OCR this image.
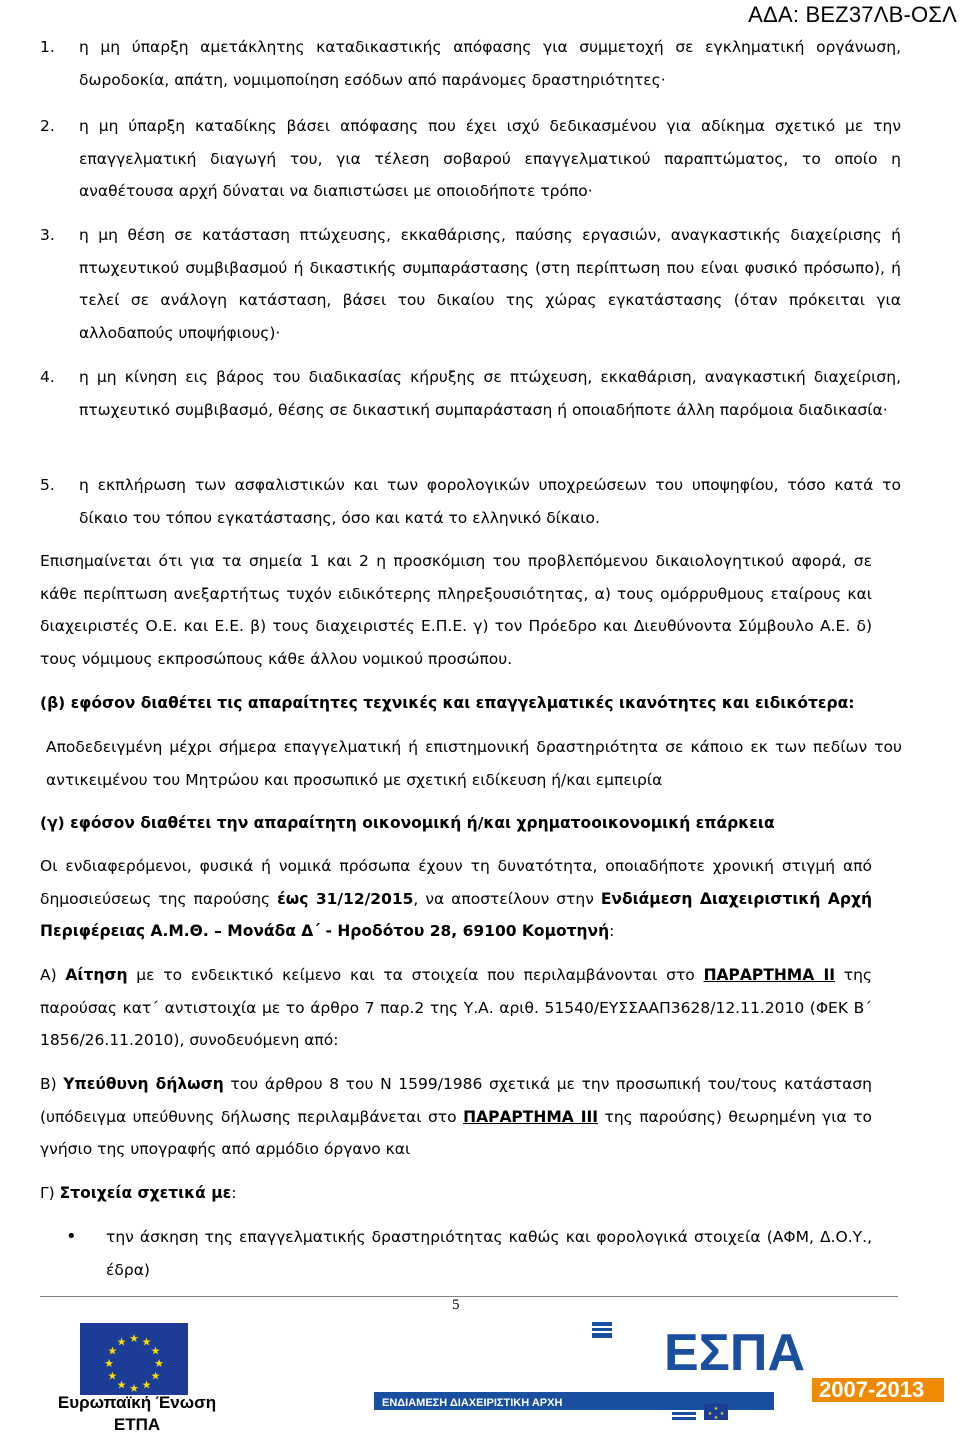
ΑΔΑ: ΒΕΖ37ΛΒ-ΟΣΛ
1. η μη ύπαρξη αμετάκλητης καταδικαστικής απόφασης για συμμετοχή σε εγκληματική οργάνωση, δωροδοκία, απάτη, νομιμοποίηση εσόδων από παράνομες δραστηριότητες·

2. η μη ύπαρξη καταδίκης βάσει απόφασης που έχει ισχύ δεδικασμένου για αδίκημα σχετικό με την επαγγελματική διαγωγή του, για τέλεση σοβαρού επαγγελματικού παραπτώματος, το οποίο η αναθέτουσα αρχή δύναται να διαπιστώσει με οποιοδήποτε τρόπο·

3. η μη θέση σε κατάσταση πτώχευσης, εκκαθάρισης, παύσης εργασιών, αναγκαστικής διαχείρισης ή πτωχευτικού συμβιβασμού ή δικαστικής συμπαράστασης (στη περίπτωση που είναι φυσικό πρόσωπο), ή τελεί σε ανάλογη κατάσταση, βάσει του δικαίου της χώρας εγκατάστασης (όταν πρόκειται για αλλοδαπούς υποψήφιους)·

4. η μη κίνηση εις βάρος του διαδικασίας κήρυξης σε πτώχευση, εκκαθάριση, αναγκαστική διαχείριση, πτωχευτικό συμβιβασμό, θέσης σε δικαστική συμπαράσταση ή οποιαδήποτε άλλη παρόμοια διαδικασία·

5. η εκπλήρωση των ασφαλιστικών και των φορολογικών υποχρεώσεων του υποψηφίου, τόσο κατά το δίκαιο του τόπου εγκατάστασης, όσο και κατά το ελληνικό δίκαιο.

Επισημαίνεται ότι για τα σημεία 1 και 2 η προσκόμιση του προβλεπόμενου δικαιολογητικού αφορά, σε κάθε περίπτωση ανεξαρτήτως τυχόν ειδικότερης πληρεξουσιότητας, α) τους ομόρρυθμους εταίρους και διαχειριστές Ο.Ε. και Ε.Ε. β) τους διαχειριστές Ε.Π.Ε. γ) τον Πρόεδρο και Διευθύνοντα Σύμβουλο Α.Ε. δ) τους νόμιμους εκπροσώπους κάθε άλλου νομικού προσώπου.

(β) εφόσον διαθέτει τις απαραίτητες τεχνικές και επαγγελματικές ικανότητες και ειδικότερα:

Αποδεδειγμένη μέχρι σήμερα επαγγελματική ή επιστημονική δραστηριότητα σε κάποιο εκ των πεδίων του αντικειμένου του Μητρώου και προσωπικό με σχετική ειδίκευση ή/και εμπειρία

(γ) εφόσον διαθέτει την απαραίτητη οικονομική ή/και χρηματοοικονομική επάρκεια

Οι ενδιαφερόμενοι, φυσικά ή νομικά πρόσωπα έχουν τη δυνατότητα, οποιαδήποτε χρονική στιγμή από δημοσιεύσεως της παρούσης έως 31/12/2015, να αποστείλουν στην Ενδιάμεση Διαχειριστική Αρχή Περιφέρειας Α.Μ.Θ. – Μονάδα Δ΄ - Ηροδότου 28, 69100 Κομοτηνή:

Α) Αίτηση με το ενδεικτικό κείμενο και τα στοιχεία που περιλαμβάνονται στο ΠΑΡΑΡΤΗΜΑ ΙΙ της παρούσας κατ΄ αντιστοιχία με το άρθρο 7 παρ.2 της Υ.Α. αριθ. 51540/ΕΥΣΣΑΑΠ3628/12.11.2010 (ΦΕΚ Β΄ 1856/26.11.2010), συνοδευόμενη από:

Β) Υπεύθυνη δήλωση του άρθρου 8 του Ν 1599/1986 σχετικά με την προσωπική του/τους κατάσταση (υπόδειγμα υπεύθυνης δήλωσης περιλαμβάνεται στο ΠΑΡΑΡΤΗΜΑ ΙΙΙ της παρούσης) θεωρημένη για το γνήσιο της υπογραφής από αρμόδιο όργανο και

Γ) Στοιχεία σχετικά με:

• την άσκηση της επαγγελματικής δραστηριότητας καθώς και φορολογικά στοιχεία (ΑΦΜ, Δ.Ο.Υ., έδρα)

5
★ ★
★
★
★
★
★
★
★
★
★
★
Ευρωπαϊκή Ένωση
ΕΤΠΑ
ΕΣΠΑ
2007-2013
ΕΝΔΙΑΜΕΣΗ ΔΙΑΧΕΙΡΙΣΤΙΚΗ ΑΡΧΗ	★
★ ★
★
